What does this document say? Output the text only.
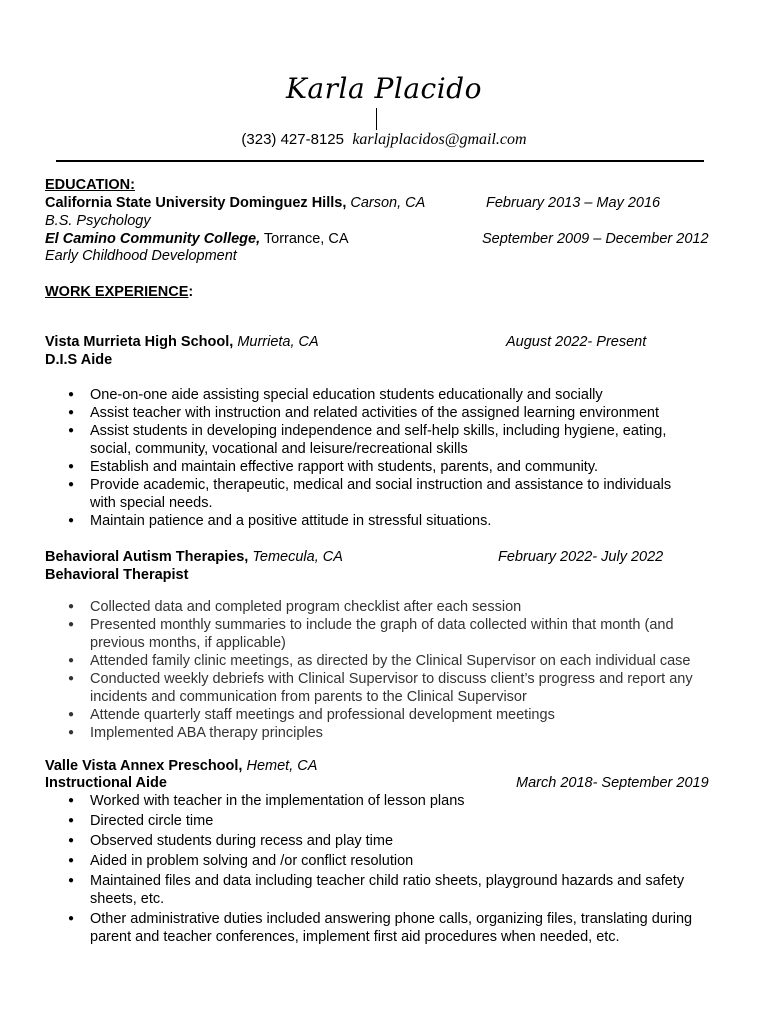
Karla Placido
(323) 427-8125 karlajplacidos@gmail.com
EDUCATION:
California State University Dominguez Hills, Carson, CA	February 2013 – May 2016
B.S. Psychology
El Camino Community College, Torrance, CA	September 2009 – December 2012
Early Childhood Development
WORK EXPERIENCE:
Vista Murrieta High School, Murrieta, CA	August 2022- Present
D.I.S Aide
● One-on-one aide assisting special education students educationally and socially
● Assist teacher with instruction and related activities of the assigned learning environment
● Assist students in developing independence and self-help skills, including hygiene, eating, social, community, vocational and leisure/recreational skills
● Establish and maintain effective rapport with students, parents, and community.
● Provide academic, therapeutic, medical and social instruction and assistance to individuals with special needs.
● Maintain patience and a positive attitude in stressful situations.
Behavioral Autism Therapies, Temecula, CA	February 2022- July 2022
Behavioral Therapist
● Collected data and completed program checklist after each session
● Presented monthly summaries to include the graph of data collected within that month (and previous months, if applicable)
● Attended family clinic meetings, as directed by the Clinical Supervisor on each individual case
● Conducted weekly debriefs with Clinical Supervisor to discuss client’s progress and report any incidents and communication from parents to the Clinical Supervisor
● Attende quarterly staff meetings and professional development meetings
● Implemented ABA therapy principles
Valle Vista Annex Preschool, Hemet, CA
Instructional Aide	March 2018- September 2019
● Worked with teacher in the implementation of lesson plans
● Directed circle time
● Observed students during recess and play time
● Aided in problem solving and /or conflict resolution
● Maintained files and data including teacher child ratio sheets, playground hazards and safety sheets, etc.
● Other administrative duties included answering phone calls, organizing files, translating during parent and teacher conferences, implement first aid procedures when needed, etc.
